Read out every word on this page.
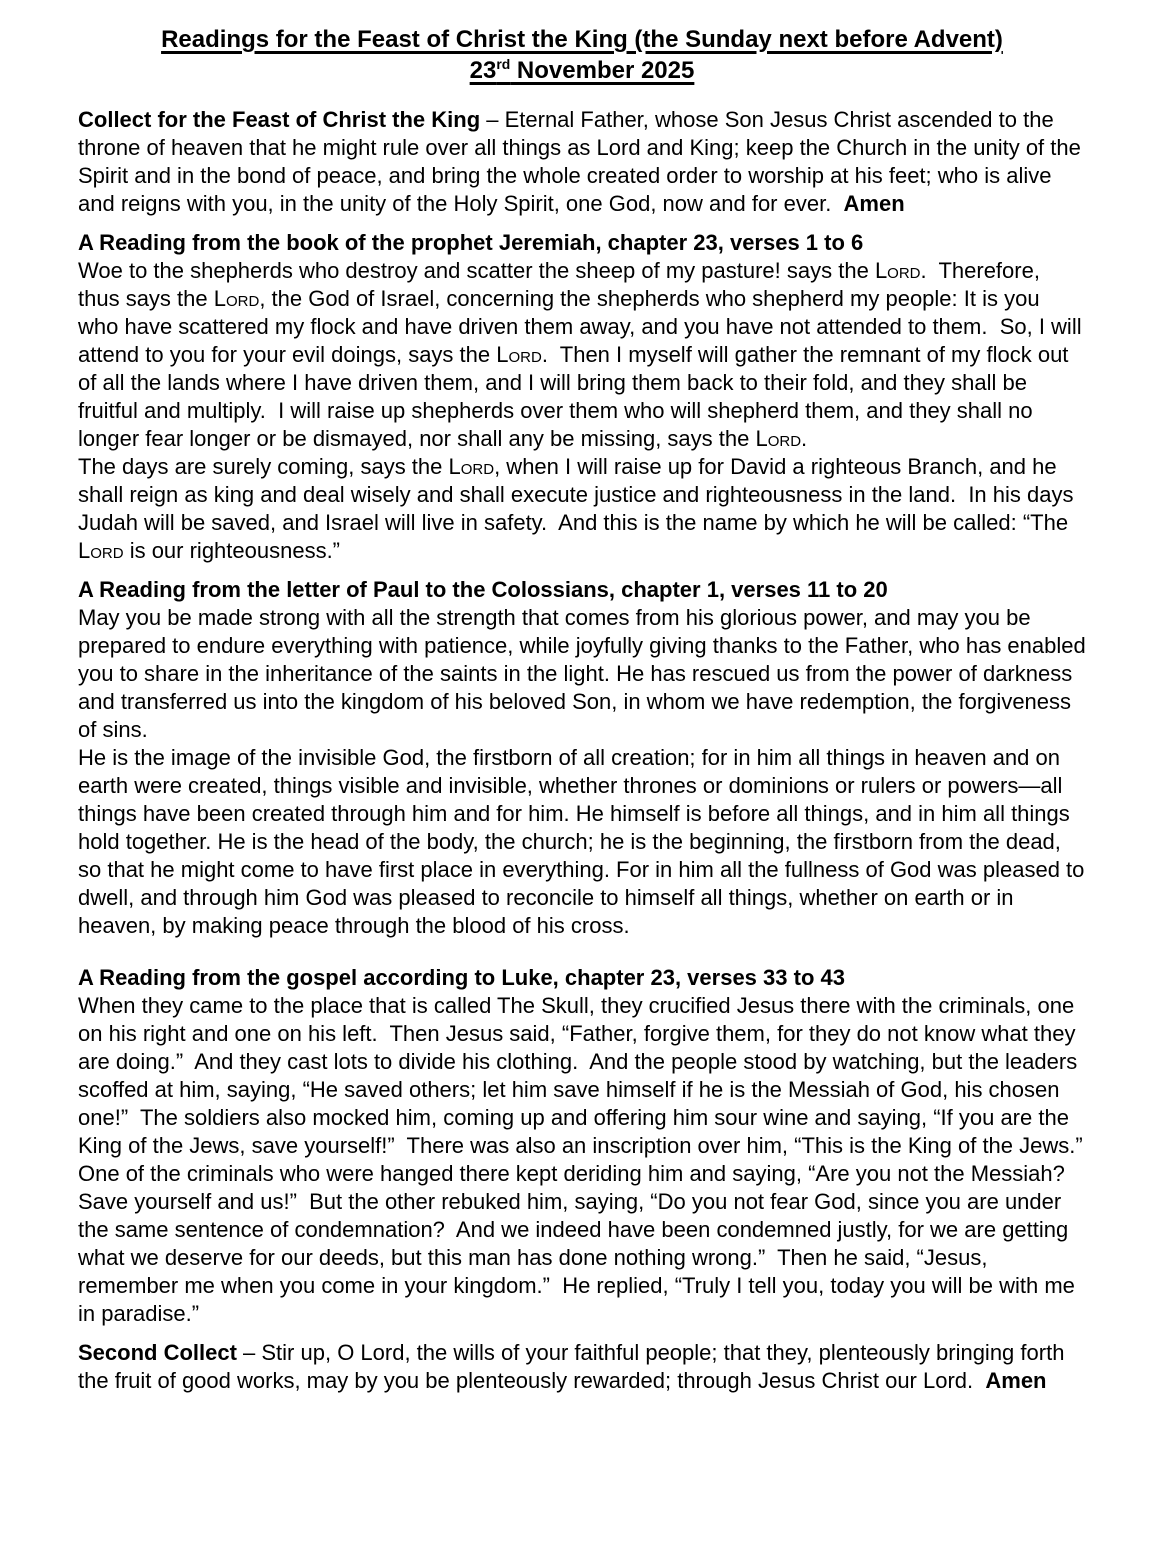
Readings for the Feast of Christ the King (the Sunday next before Advent)
23rd November 2025

Collect for the Feast of Christ the King – Eternal Father, whose Son Jesus Christ ascended to the throne of heaven that he might rule over all things as Lord and King; keep the Church in the unity of the Spirit and in the bond of peace, and bring the whole created order to worship at his feet; who is alive and reigns with you, in the unity of the Holy Spirit, one God, now and for ever.  Amen

A Reading from the book of the prophet Jeremiah, chapter 23, verses 1 to 6

Woe to the shepherds who destroy and scatter the sheep of my pasture! says the Lord.  Therefore, thus says the Lord, the God of Israel, concerning the shepherds who shepherd my people: It is you who have scattered my flock and have driven them away, and you have not attended to them.  So, I will attend to you for your evil doings, says the Lord.  Then I myself will gather the remnant of my flock out of all the lands where I have driven them, and I will bring them back to their fold, and they shall be fruitful and multiply.  I will raise up shepherds over them who will shepherd them, and they shall no longer fear longer or be dismayed, nor shall any be missing, says the Lord.

The days are surely coming, says the Lord, when I will raise up for David a righteous Branch, and he shall reign as king and deal wisely and shall execute justice and righteousness in the land.  In his days Judah will be saved, and Israel will live in safety.  And this is the name by which he will be called: “The Lord is our righteousness.”

A Reading from the letter of Paul to the Colossians, chapter 1, verses 11 to 20

May you be made strong with all the strength that comes from his glorious power, and may you be prepared to endure everything with patience, while joyfully giving thanks to the Father, who has enabled you to share in the inheritance of the saints in the light. He has rescued us from the power of darkness and transferred us into the kingdom of his beloved Son, in whom we have redemption, the forgiveness of sins.

He is the image of the invisible God, the firstborn of all creation; for in him all things in heaven and on earth were created, things visible and invisible, whether thrones or dominions or rulers or powers—all things have been created through him and for him. He himself is before all things, and in him all things hold together. He is the head of the body, the church; he is the beginning, the firstborn from the dead, so that he might come to have first place in everything. For in him all the fullness of God was pleased to dwell, and through him God was pleased to reconcile to himself all things, whether on earth or in heaven, by making peace through the blood of his cross.

A Reading from the gospel according to Luke, chapter 23, verses 33 to 43

When they came to the place that is called The Skull, they crucified Jesus there with the criminals, one on his right and one on his left.  Then Jesus said, “Father, forgive them, for they do not know what they are doing.”  And they cast lots to divide his clothing.  And the people stood by watching, but the leaders scoffed at him, saying, “He saved others; let him save himself if he is the Messiah of God, his chosen one!”  The soldiers also mocked him, coming up and offering him sour wine and saying, “If you are the King of the Jews, save yourself!”  There was also an inscription over him, “This is the King of the Jews.”

One of the criminals who were hanged there kept deriding him and saying, “Are you not the Messiah?  Save yourself and us!”  But the other rebuked him, saying, “Do you not fear God, since you are under the same sentence of condemnation?  And we indeed have been condemned justly, for we are getting what we deserve for our deeds, but this man has done nothing wrong.”  Then he said, “Jesus, remember me when you come in your kingdom.”  He replied, “Truly I tell you, today you will be with me in paradise.”

Second Collect – Stir up, O Lord, the wills of your faithful people; that they, plenteously bringing forth the fruit of good works, may by you be plenteously rewarded; through Jesus Christ our Lord.  Amen
